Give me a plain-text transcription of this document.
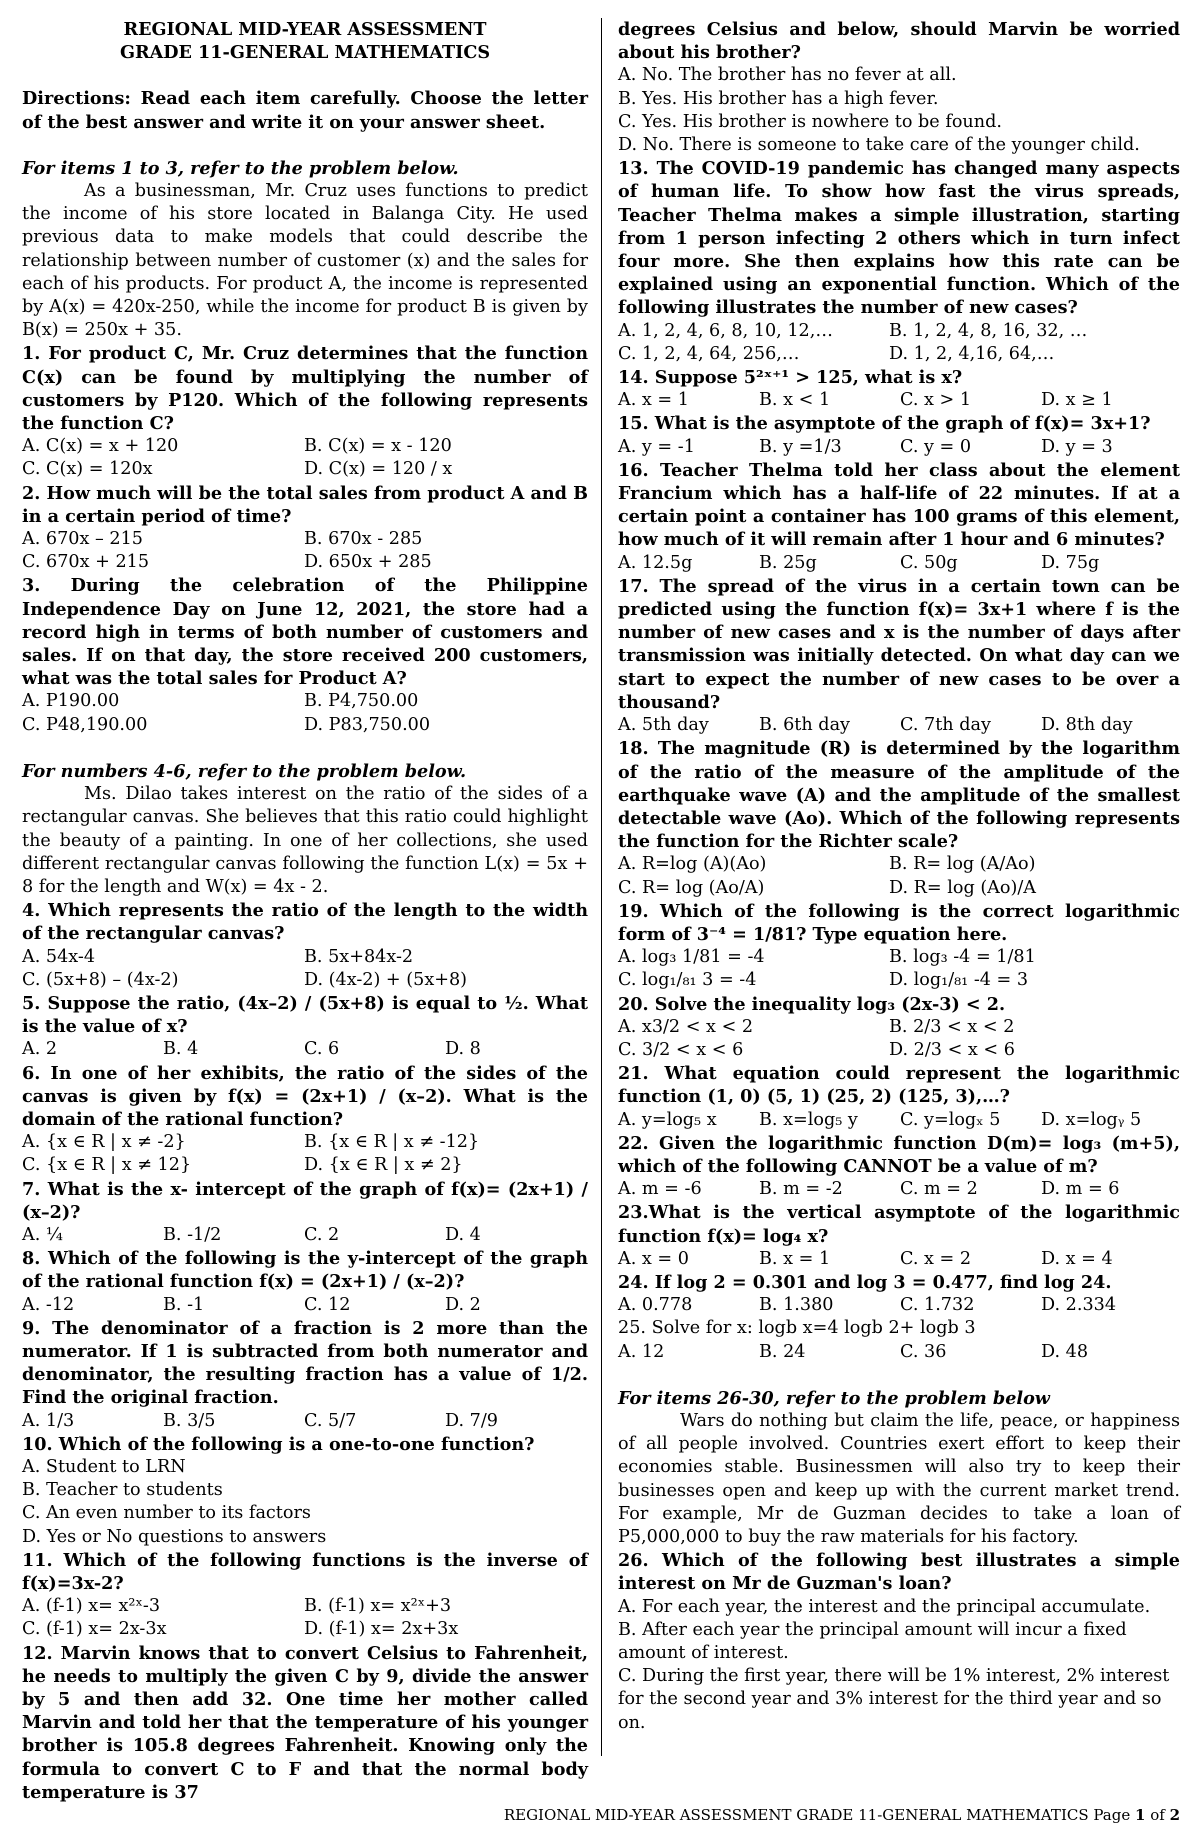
REGIONAL MID-YEAR ASSESSMENT

GRADE 11-GENERAL MATHEMATICS

Directions: Read each item carefully. Choose the letter of the best answer and write it on your answer sheet.

For items 1 to 3, refer to the problem below.

As a businessman, Mr. Cruz uses functions to predict the income of his store located in Balanga City. He used previous data to make models that could describe the relationship between number of customer (x) and the sales for each of his products. For product A, the income is represented by A(x) = 420x-250, while the income for product B is given by B(x) = 250x + 35.

1. For product C, Mr. Cruz determines that the function C(x) can be found by multiplying the number of customers by P120. Which of the following represents the function C?

A. C(x) = x + 120	B. C(x) = x - 120
C. C(x) = 120x	D. C(x) = 120 / x

2. How much will be the total sales from product A and B in a certain period of time?

A. 670x – 215	B. 670x - 285
C. 670x + 215	D. 650x + 285

3. During the celebration of the Philippine Independence Day on June 12, 2021, the store had a record high in terms of both number of customers and sales. If on that day, the store received 200 customers, what was the total sales for Product A?

A. P190.00	B. P4,750.00
C. P48,190.00	D. P83,750.00

For numbers 4-6, refer to the problem below.

Ms. Dilao takes interest on the ratio of the sides of a rectangular canvas. She believes that this ratio could highlight the beauty of a painting. In one of her collections, she used different rectangular canvas following the function L(x) = 5x + 8 for the length and W(x) = 4x - 2.

4. Which represents the ratio of the length to the width of the rectangular canvas?

A. 54x-4	B. 5x+84x-2
C. (5x+8) – (4x-2)	D. (4x-2) + (5x+8)

5. Suppose the ratio, (4x–2) / (5x+8) is equal to ½. What is the value of x?

A. 2	B. 4	C. 6	D. 8

6. In one of her exhibits, the ratio of the sides of the canvas is given by f(x) = (2x+1) / (x–2). What is the domain of the rational function?

A. {x ∈ R | x ≠ -2}	B. {x ∈ R | x ≠ -12}
C. {x ∈ R | x ≠ 12}	D. {x ∈ R | x ≠ 2}

7. What is the x- intercept of the graph of f(x)= (2x+1) / (x–2)?

A. ¼	B. -1/2	C. 2	D. 4

8. Which of the following is the y-intercept of the graph of the rational function f(x) = (2x+1) / (x–2)?

A. -12	B. -1	C. 12	D. 2

9. The denominator of a fraction is 2 more than the numerator. If 1 is subtracted from both numerator and denominator, the resulting fraction has a value of 1/2. Find the original fraction.

A. 1/3	B. 3/5	C. 5/7	D. 7/9

10. Which of the following is a one-to-one function?

A. Student to LRN

B. Teacher to students

C. An even number to its factors

D. Yes or No questions to answers

11. Which of the following functions is the inverse of f(x)=3x-2?

A. (f-1) x= x²ˣ-3	B. (f-1) x= x²ˣ+3
C. (f-1) x= 2x-3x	D. (f-1) x= 2x+3x

12. Marvin knows that to convert Celsius to Fahrenheit, he needs to multiply the given C by 9, divide the answer by 5 and then add 32. One time her mother called Marvin and told her that the temperature of his younger brother is 105.8 degrees Fahrenheit. Knowing only the formula to convert C to F and that the normal body temperature is 37

degrees Celsius and below, should Marvin be worried about his brother?

A. No. The brother has no fever at all.

B. Yes. His brother has a high fever.

C. Yes. His brother is nowhere to be found.

D. No. There is someone to take care of the younger child.

13. The COVID-19 pandemic has changed many aspects of human life. To show how fast the virus spreads, Teacher Thelma makes a simple illustration, starting from 1 person infecting 2 others which in turn infect four more. She then explains how this rate can be explained using an exponential function. Which of the following illustrates the number of new cases?

A. 1, 2, 4, 6, 8, 10, 12,…	B. 1, 2, 4, 8, 16, 32, …
C. 1, 2, 4, 64, 256,…	D. 1, 2, 4,16, 64,…

14. Suppose 5²ˣ⁺¹ > 125, what is x?

A. x = 1	B. x < 1	C. x > 1	D. x ≥ 1

15. What is the asymptote of the graph of f(x)= 3x+1?

A. y = -1	B. y =1/3	C. y = 0	D. y = 3

16. Teacher Thelma told her class about the element Francium which has a half-life of 22 minutes. If at a certain point a container has 100 grams of this element, how much of it will remain after 1 hour and 6 minutes?

A. 12.5g	B. 25g	C. 50g	D. 75g

17. The spread of the virus in a certain town can be predicted using the function f(x)= 3x+1 where f is the number of new cases and x is the number of days after transmission was initially detected. On what day can we start to expect the number of new cases to be over a thousand?

A. 5th day	B. 6th day	C. 7th day	D. 8th day

18. The magnitude (R) is determined by the logarithm of the ratio of the measure of the amplitude of the earthquake wave (A) and the amplitude of the smallest detectable wave (Ao). Which of the following represents the function for the Richter scale?

A. R=log (A)(Ao)	B. R= log (A/Ao)
C. R= log (Ao/A)	D. R= log (Ao)/A

19. Which of the following is the correct logarithmic form of 3⁻⁴ = 1/81? Type equation here.

A. log₃ 1/81 = -4	B. log₃ -4 = 1/81
C. log₁/₈₁ 3 = -4	D. log₁/₈₁ -4 = 3

20. Solve the inequality log₃ (2x-3) < 2.

A. x3/2 < x < 2	B. 2/3 < x < 2
C. 3/2 < x < 6	D. 2/3 < x < 6

21. What equation could represent the logarithmic function (1, 0) (5, 1) (25, 2) (125, 3),…?

A. y=log₅ x	B. x=log₅ y	C. y=logₓ 5	D. x=logᵧ 5

22. Given the logarithmic function D(m)= log₃ (m+5), which of the following CANNOT be a value of m?

A. m = -6	B. m = -2	C. m = 2	D. m = 6

23.What is the vertical asymptote of the logarithmic function f(x)= log₄ x?

A. x = 0	B. x = 1	C. x = 2	D. x = 4

24. If log 2 = 0.301 and log 3 = 0.477, find log 24.

A. 0.778	B. 1.380	C. 1.732	D. 2.334

25. Solve for x: logb x=4 logb 2+ logb 3

A. 12	B. 24	C. 36	D. 48

For items 26-30, refer to the problem below

Wars do nothing but claim the life, peace, or happiness of all people involved. Countries exert effort to keep their economies stable. Businessmen will also try to keep their businesses open and keep up with the current market trend. For example, Mr de Guzman decides to take a loan of P5,000,000 to buy the raw materials for his factory.

26. Which of the following best illustrates a simple interest on Mr de Guzman's loan?

A. For each year, the interest and the principal accumulate.

B. After each year the principal amount will incur a fixed amount of interest.

C. During the first year, there will be 1% interest, 2% interest for the second year and 3% interest for the third year and so on.

REGIONAL MID-YEAR ASSESSMENT GRADE 11-GENERAL MATHEMATICS Page 1 of 2
